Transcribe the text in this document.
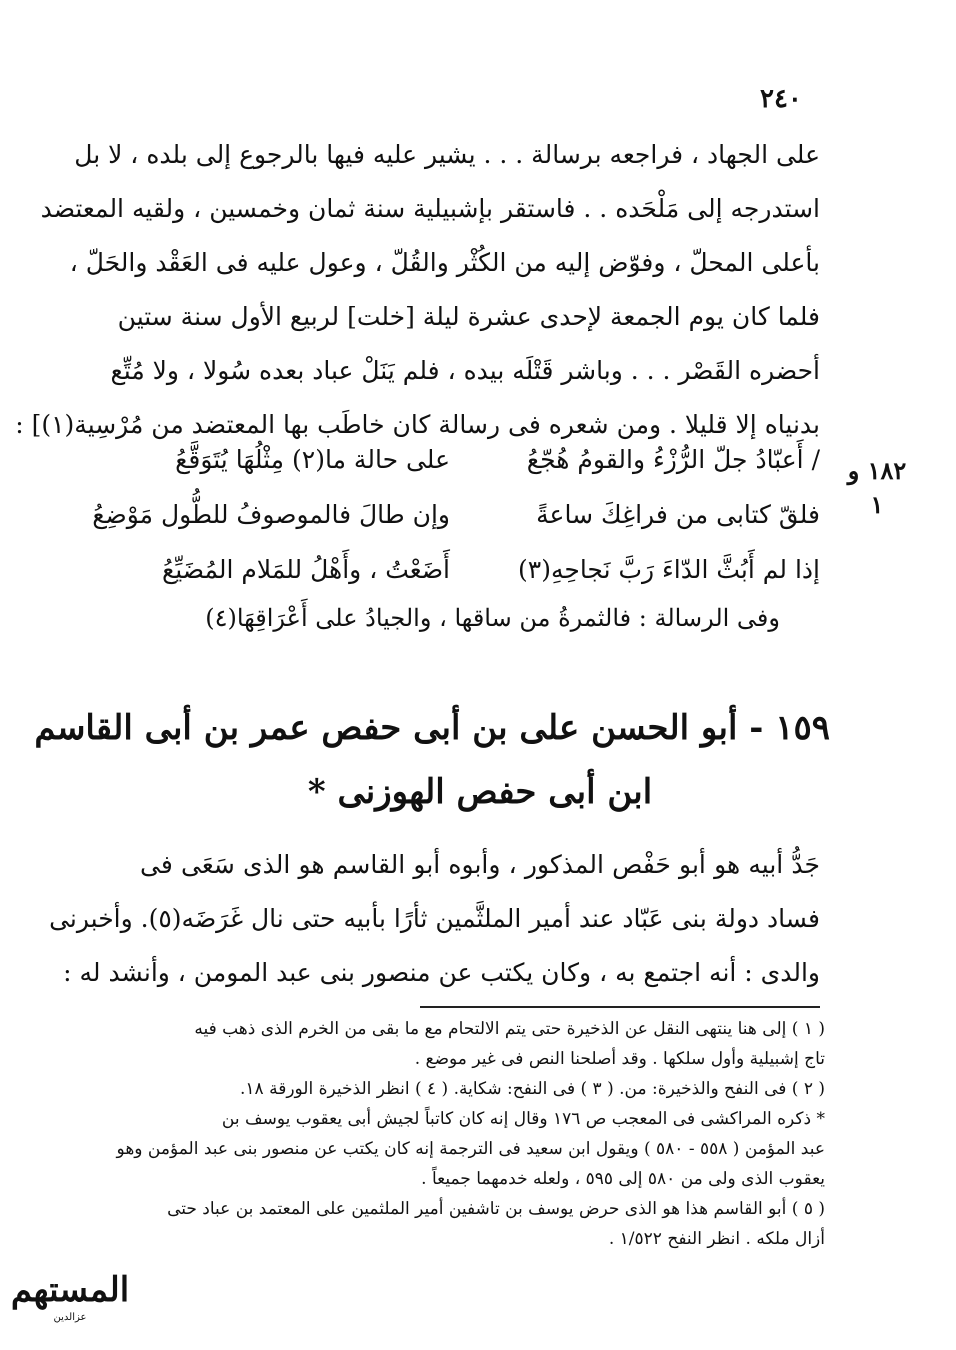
٢٤٠

على الجهاد ، فراجعه برسالة . . . يشير عليه فيها بالرجوع إلى بلده ، لا بل

استدرجه إلى مَلْحَده . . فاستقر بإشبيلية سنة ثمان وخمسين ، ولقيه المعتضد

بأعلى المحلّ ، وفوّض إليه من الكُثْر والقُلّ ، وعول عليه فى العَقْد والحَلّ ،

فلما كان يوم الجمعة لإحدى عشرة ليلة [خلت] لربيع الأول سنة ستين

أحضره القَصْر . . . وباشر قَتْلَه بيده ، فلم يَنَلْ عباد بعده سُولا ، ولا مُتِّع

بدنياه إلا قليلا . ومن شعره فى رسالة كان خاطَب بها المعتضد من مُرْسِية(١)] :

١٨٢ و
١
/ أَعبّادُ جلّ الرُّزْءُ والقومُ هُجّعُ
على حالة ما(٢) مِثْلُهَا يُتَوَقَّعُ
فلقّ كتابى من فراغِكَ ساعةً
وإن طالَ فالموصوفُ للطُّول مَوْضِعُ
إذا لم أَبُثَّ الدّاءَ رَبَّ نَجاحِهِ(٣)
أَضَعْتُ ، وأَهْلُ للمَلام المُضَيِّعُ
وفى الرسالة : فالثمرةُ من ساقها ، والجيادُ على أَعْرَاقِهَا(٤)
١٥٩ - أبو الحسن على بن أبى حفص عمر بن أبى القاسم
ابن أبى حفص الهوزنى *

جَدُّ أبيه هو أبو حَفْص المذكور ، وأبوه أبو القاسم هو الذى سَعَى فى

فساد دولة بنى عَبّاد عند أمير الملثَّمين ثأرًا بأبيه حتى نال غَرَضَه(٥). وأخبرنى

والدى : أنه اجتمع به ، وكان يكتب عن منصور بنى عبد المومن ، وأنشد له :

( ١ ) إلى هنا ينتهى النقل عن الذخيرة حتى يتم الالتحام مع ما بقى من الخرم الذى ذهب فيه

تاج إشبيلية وأول سلكها . وقد أصلحنا النص فى غير موضع .

( ٢ ) فى النفح والذخيرة: من. ( ٣ ) فى النفح: شكاية. ( ٤ ) انظر الذخيرة الورقة ١٨.

* ذكره المراكشى فى المعجب ص ١٧٦ وقال إنه كان كاتباً لجيش أبى يعقوب يوسف بن

عبد المؤمن ( ٥٥٨ - ٥٨٠ ) ويقول ابن سعيد فى الترجمة إنه كان يكتب عن منصور بنى عبد المؤمن وهو

يعقوب الذى ولى من ٥٨٠ إلى ٥٩٥ ، ولعله خدمهما جميعاً .

( ٥ ) أبو القاسم هذا هو الذى حرض يوسف بن تاشفين أمير الملثمين على المعتمد بن عباد حتى

أزال ملكه . انظر النفح ١/٥٢٢ .

المستهم
عزالدين
